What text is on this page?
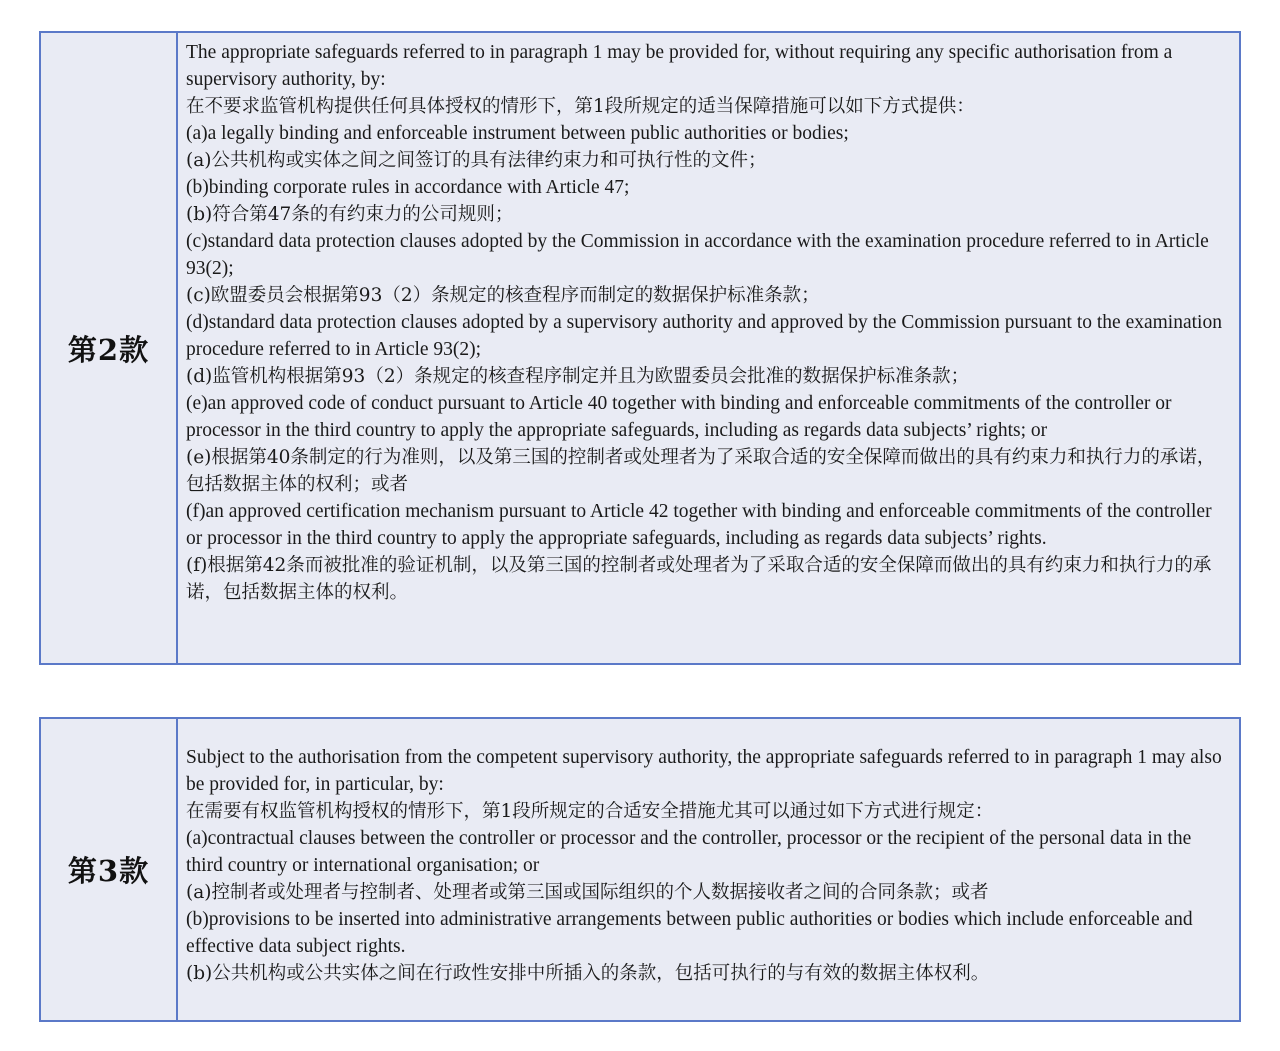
第2款
The appropriate safeguards referred to in paragraph 1 may be provided for, without requiring any specific authorisation from a supervisory authority, by:
在不要求监管机构提供任何具体授权的情形下，第1段所规定的适当保障措施可以如下方式提供：
(a)a legally binding and enforceable instrument between public authorities or bodies;
(a)公共机构或实体之间之间签订的具有法律约束力和可执行性的文件；
(b)binding corporate rules in accordance with Article 47;
(b)符合第47条的有约束力的公司规则；
(c)standard data protection clauses adopted by the Commission in accordance with the examination procedure referred to in Article 93(2);
(c)欧盟委员会根据第93（2）条规定的核查程序而制定的数据保护标准条款；
(d)standard data protection clauses adopted by a supervisory authority and approved by the Commission pursuant to the examination procedure referred to in Article 93(2);
(d)监管机构根据第93（2）条规定的核查程序制定并且为欧盟委员会批准的数据保护标准条款；
(e)an approved code of conduct pursuant to Article 40 together with binding and enforceable commitments of the controller or processor in the third country to apply the appropriate safeguards, including as regards data subjects’ rights; or
(e)根据第40条制定的行为准则，以及第三国的控制者或处理者为了采取合适的安全保障而做出的具有约束力和执行力的承诺，包括数据主体的权利；或者
(f)an approved certification mechanism pursuant to Article 42 together with binding and enforceable commitments of the controller or processor in the third country to apply the appropriate safeguards, including as regards data subjects’ rights.
(f)根据第42条而被批准的验证机制，以及第三国的控制者或处理者为了采取合适的安全保障而做出的具有约束力和执行力的承诺，包括数据主体的权利。
第3款
Subject to the authorisation from the competent supervisory authority, the appropriate safeguards referred to in paragraph 1 may also be provided for, in particular, by:
在需要有权监管机构授权的情形下，第1段所规定的合适安全措施尤其可以通过如下方式进行规定：
(a)contractual clauses between the controller or processor and the controller, processor or the recipient of the personal data in the third country or international organisation; or
(a)控制者或处理者与控制者、处理者或第三国或国际组织的个人数据接收者之间的合同条款；或者
(b)provisions to be inserted into administrative arrangements between public authorities or bodies which include enforceable and effective data subject rights.
(b)公共机构或公共实体之间在行政性安排中所插入的条款，包括可执行的与有效的数据主体权利。
